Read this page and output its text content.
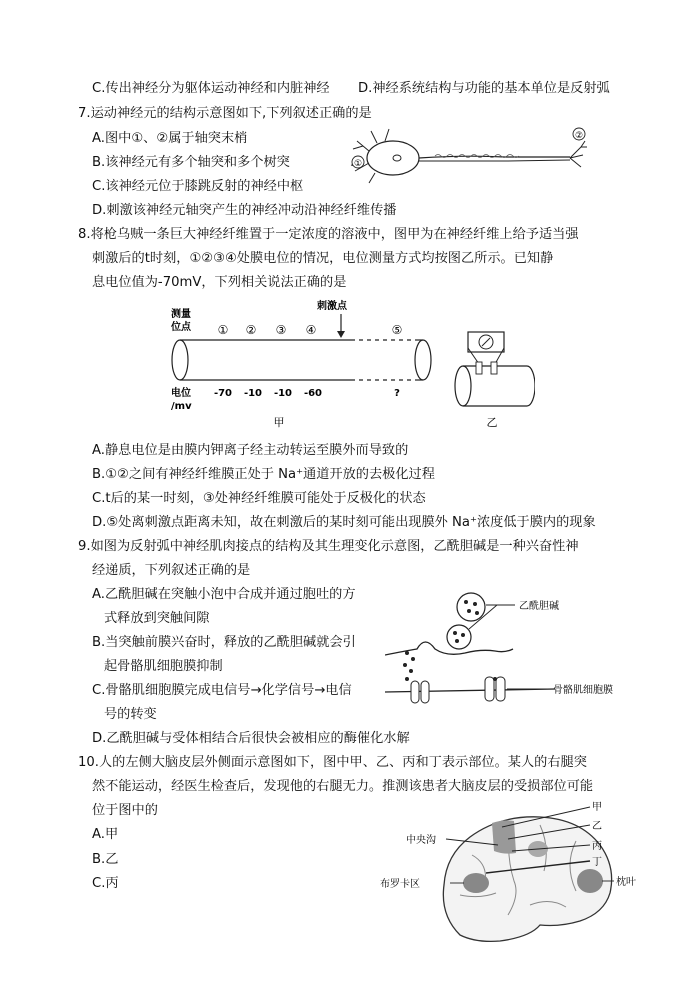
C.传出神经分为躯体运动神经和内脏神经 D.神经系统结构与功能的基本单位是反射弧
7.运动神经元的结构示意图如下,下列叙述正确的是
A.图中①、②属于轴突末梢
B.该神经元有多个轴突和多个树突
C.该神经元位于膝跳反射的神经中枢
D.刺激该神经元轴突产生的神经冲动沿神经纤维传播
①
②
8.将枪乌贼一条巨大神经纤维置于一定浓度的溶液中，图甲为在神经纤维上给予适当强
刺激后的t时刻，①②③④处膜电位的情况，电位测量方式均按图乙所示。已知静
息电位值为-70mV，下列相关说法正确的是
测量
位点
刺激点
① ② ③ ④	⑤
电位
/mv
-70 -10 -10 -60	?
甲	乙
A.静息电位是由膜内钾离子经主动转运至膜外而导致的
B.①②之间有神经纤维膜正处于 Na⁺通道开放的去极化过程
C.t后的某一时刻，③处神经纤维膜可能处于反极化的状态
D.⑤处离刺激点距离未知，故在刺激后的某时刻可能出现膜外 Na⁺浓度低于膜内的现象
9.如图为反射弧中神经肌肉接点的结构及其生理变化示意图，乙酰胆碱是一种兴奋性神
经递质，下列叙述正确的是
A.乙酰胆碱在突触小泡中合成并通过胞吐的方
式释放到突触间隙
B.当突触前膜兴奋时，释放的乙酰胆碱就会引
起骨骼肌细胞膜抑制
C.骨骼肌细胞膜完成电信号→化学信号→电信
号的转变
D.乙酰胆碱与受体相结合后很快会被相应的酶催化水解
乙酰胆碱
骨骼肌细胞膜
10.人的左侧大脑皮层外侧面示意图如下，图中甲、乙、丙和丁表示部位。某人的右腿突
然不能运动，经医生检查后，发现他的右腿无力。推测该患者大脑皮层的受损部位可能
位于图中的
A.甲
B.乙
C.丙
甲
乙
丙
丁
中央沟
布罗卡区	枕叶
